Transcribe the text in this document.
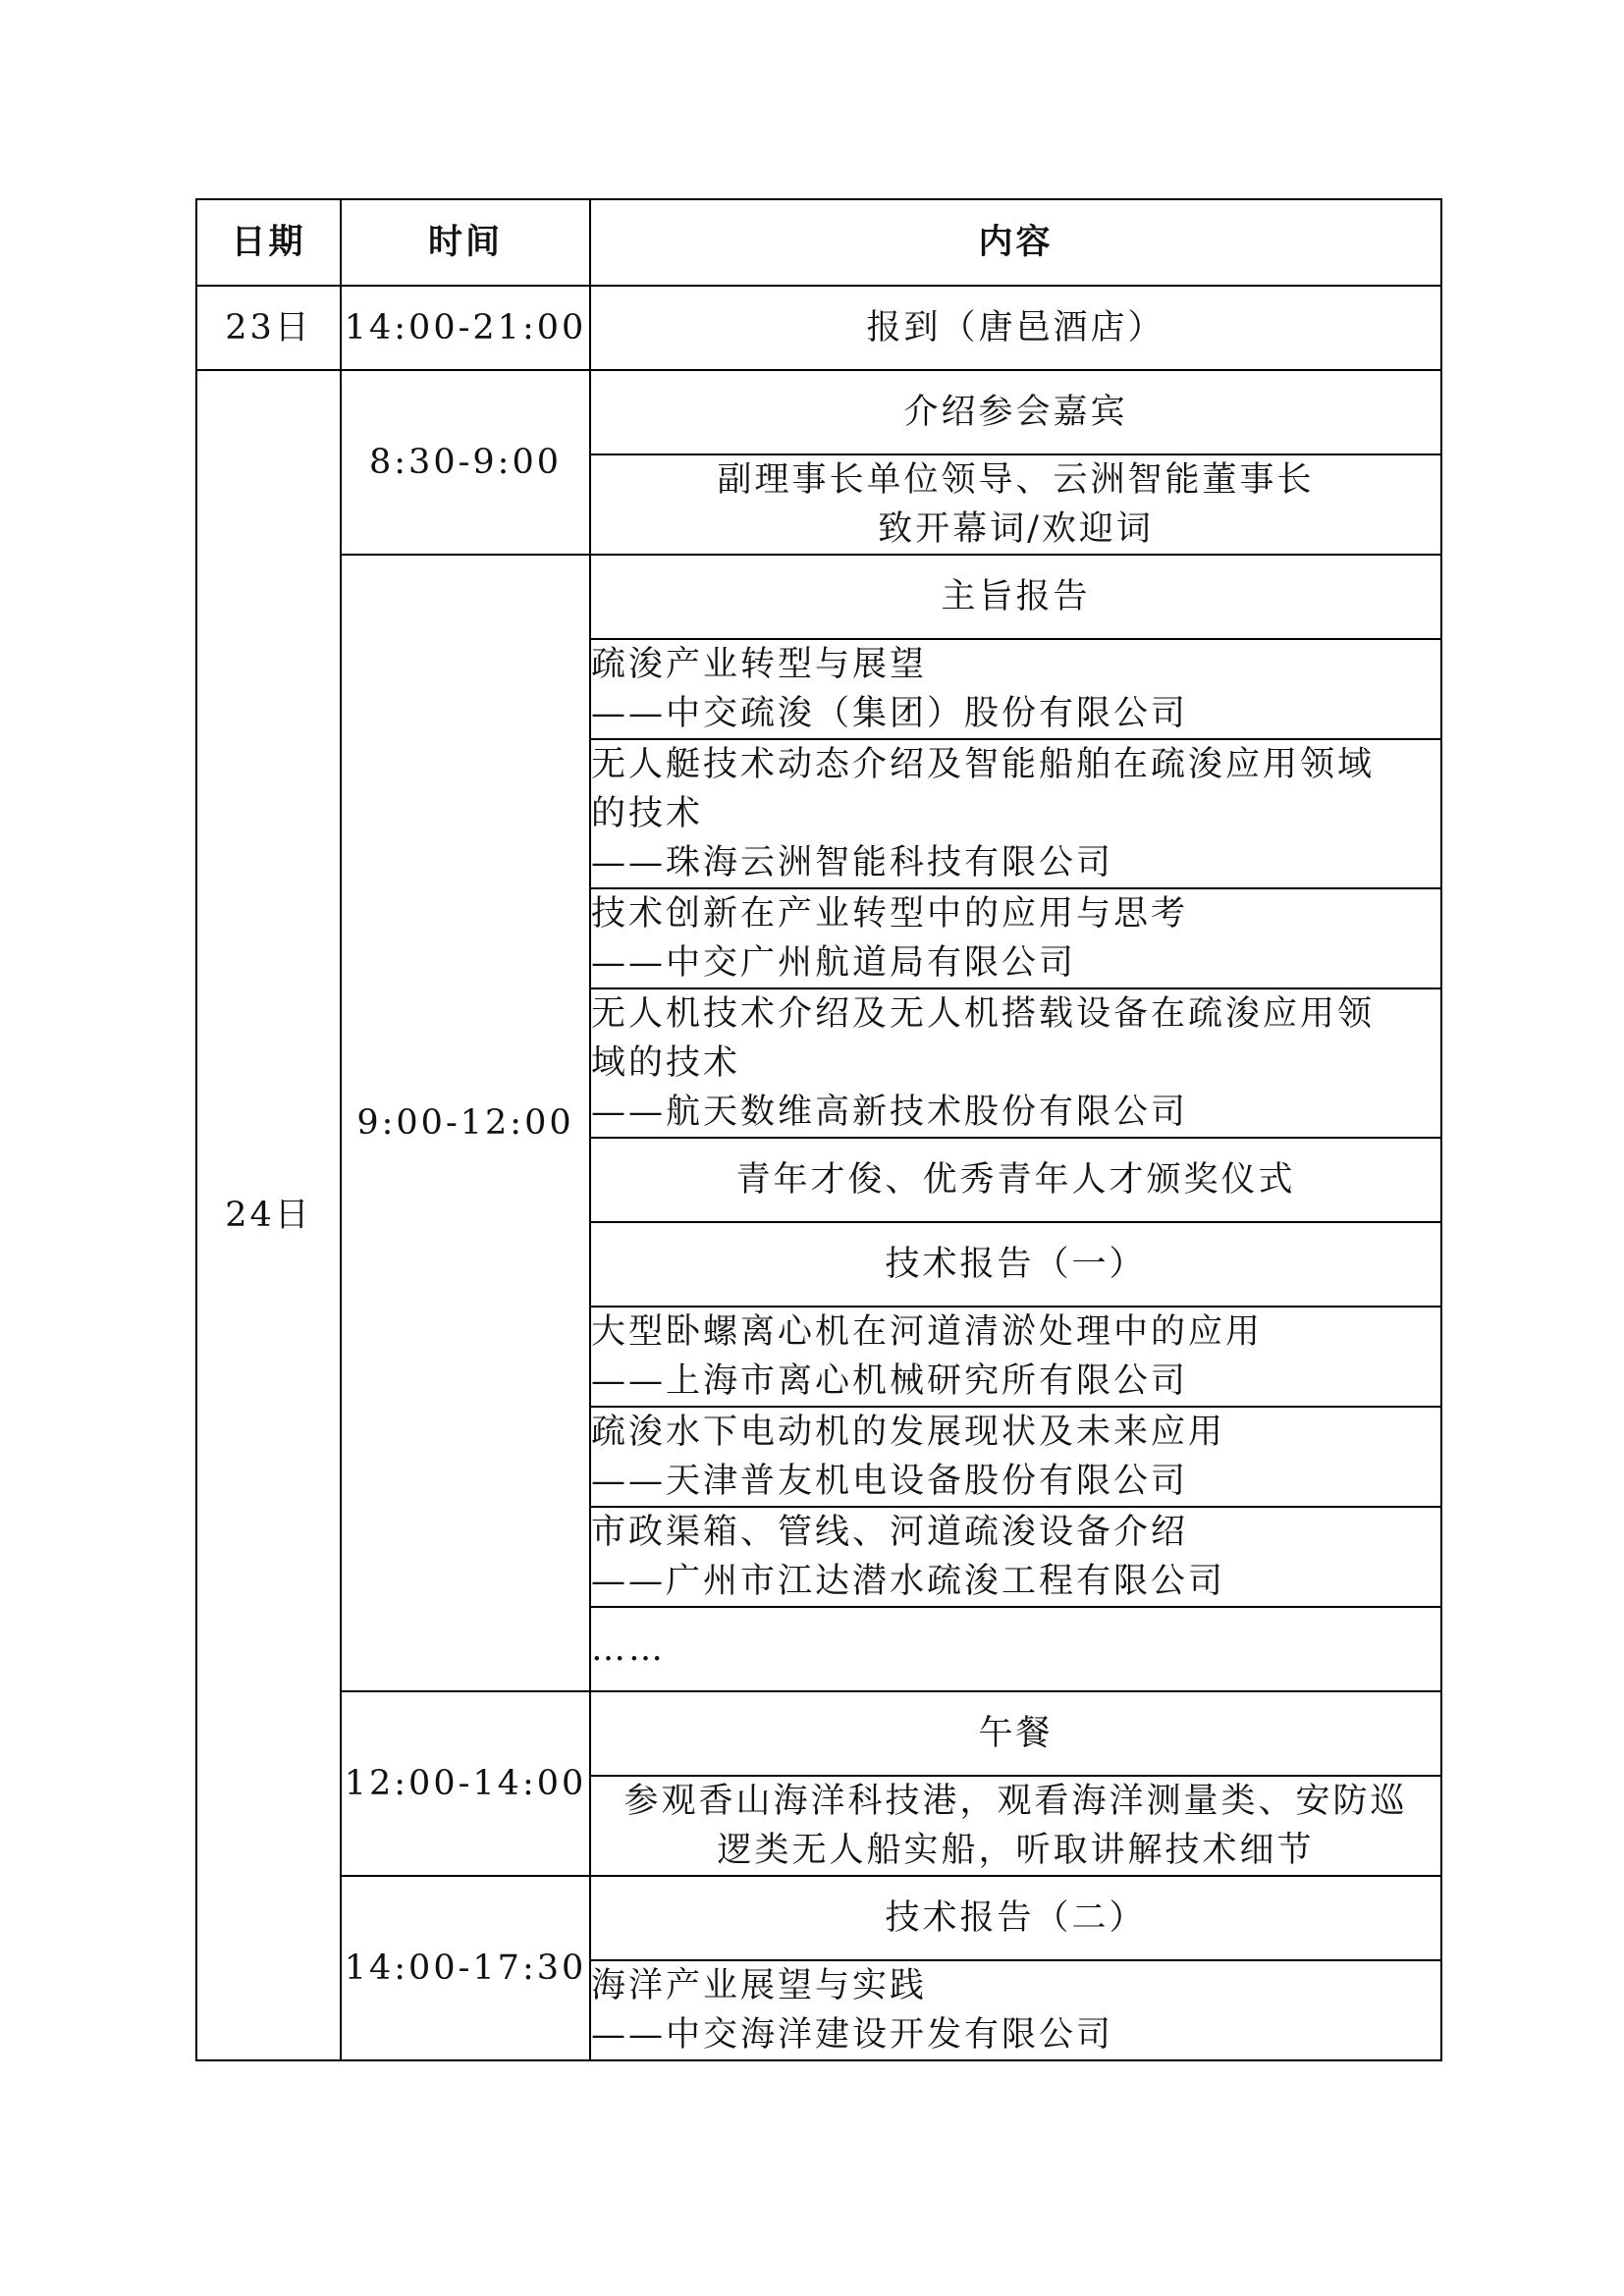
日期	时间	内容
23日	14:00-21:00	报到（唐邑酒店）
24日	8:30-9:00	介绍参会嘉宾

		副理事长单位领导、云洲智能董事长
致开幕词/欢迎词

	9:00-12:00	主旨报告

		疏浚产业转型与展望
——中交疏浚（集团）股份有限公司

		无人艇技术动态介绍及智能船舶在疏浚应用领域
的技术
——珠海云洲智能科技有限公司

		技术创新在产业转型中的应用与思考
——中交广州航道局有限公司

		无人机技术介绍及无人机搭载设备在疏浚应用领
域的技术
——航天数维高新技术股份有限公司

		青年才俊、优秀青年人才颁奖仪式
		技术报告（一）

		大型卧螺离心机在河道清淤处理中的应用
——上海市离心机械研究所有限公司

		疏浚水下电动机的发展现状及未来应用
——天津普友机电设备股份有限公司

		市政渠箱、管线、河道疏浚设备介绍
——广州市江达潜水疏浚工程有限公司

		……
	12:00-14:00	午餐

		参观香山海洋科技港，观看海洋测量类、安防巡
逻类无人船实船，听取讲解技术细节

	14:00-17:30	技术报告（二）

		海洋产业展望与实践
——中交海洋建设开发有限公司
